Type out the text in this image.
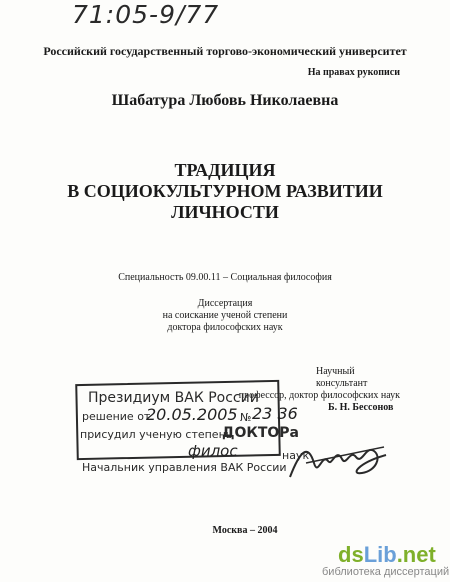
71:05-9/77
Российский государственный торгово-экономический университет
На правах рукописи
Шабатура Любовь Николаевна
ТРАДИЦИЯ
В СОЦИОКУЛЬТУРНОМ РАЗВИТИИ
ЛИЧНОСТИ
Специальность 09.00.11 – Социальная философия
Диссертация
на соискание ученой степени
доктора философских наук
Научный консультант
профессор, доктор философских наук
Б. Н. Бессонов
Президиум ВАК России
решение от
20.05.2005 № 23 36
присудил ученую степень
ДОКТОРа
филос	наук
Начальник управления ВАК России
Москва – 2004
dsLib.net
библиотека диссертаций
